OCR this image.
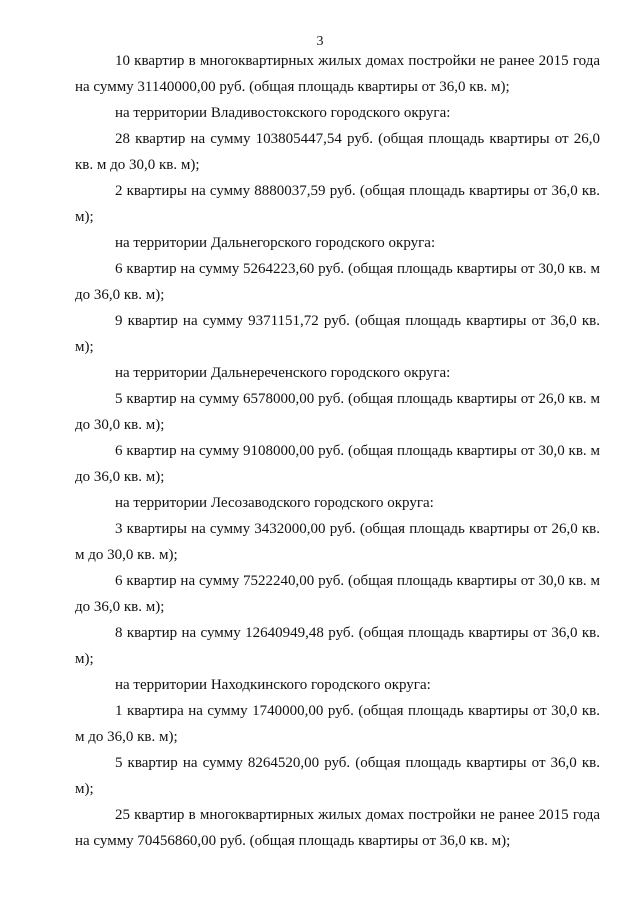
3

10 квартир в многоквартирных жилых домах постройки не ранее 2015 года на сумму 31140000,00 руб. (общая площадь квартиры от 36,0 кв. м);

на территории Владивостокского городского округа:

28 квартир на сумму 103805447,54 руб. (общая площадь квартиры от 26,0 кв. м до 30,0 кв. м);

2 квартиры на сумму 8880037,59 руб. (общая площадь квартиры от 36,0 кв. м);

на территории Дальнегорского городского округа:

6 квартир на сумму 5264223,60 руб. (общая площадь квартиры от 30,0 кв. м до 36,0 кв. м);

9 квартир на сумму 9371151,72 руб. (общая площадь квартиры от 36,0 кв. м);

на территории Дальнереченского городского округа:

5 квартир на сумму 6578000,00 руб. (общая площадь квартиры от 26,0 кв. м до 30,0 кв. м);

6 квартир на сумму 9108000,00 руб. (общая площадь квартиры от 30,0 кв. м до 36,0 кв. м);

на территории Лесозаводского городского округа:

3 квартиры на сумму 3432000,00 руб. (общая площадь квартиры от 26,0 кв. м до 30,0 кв. м);

6 квартир на сумму 7522240,00 руб. (общая площадь квартиры от 30,0 кв. м до 36,0 кв. м);

8 квартир на сумму 12640949,48 руб. (общая площадь квартиры от 36,0 кв. м);

на территории Находкинского городского округа:

1 квартира на сумму 1740000,00 руб. (общая площадь квартиры от 30,0 кв. м до 36,0 кв. м);

5 квартир на сумму 8264520,00 руб. (общая площадь квартиры от 36,0 кв. м);

25 квартир в многоквартирных жилых домах постройки не ранее 2015 года на сумму 70456860,00 руб. (общая площадь квартиры от 36,0 кв. м);
